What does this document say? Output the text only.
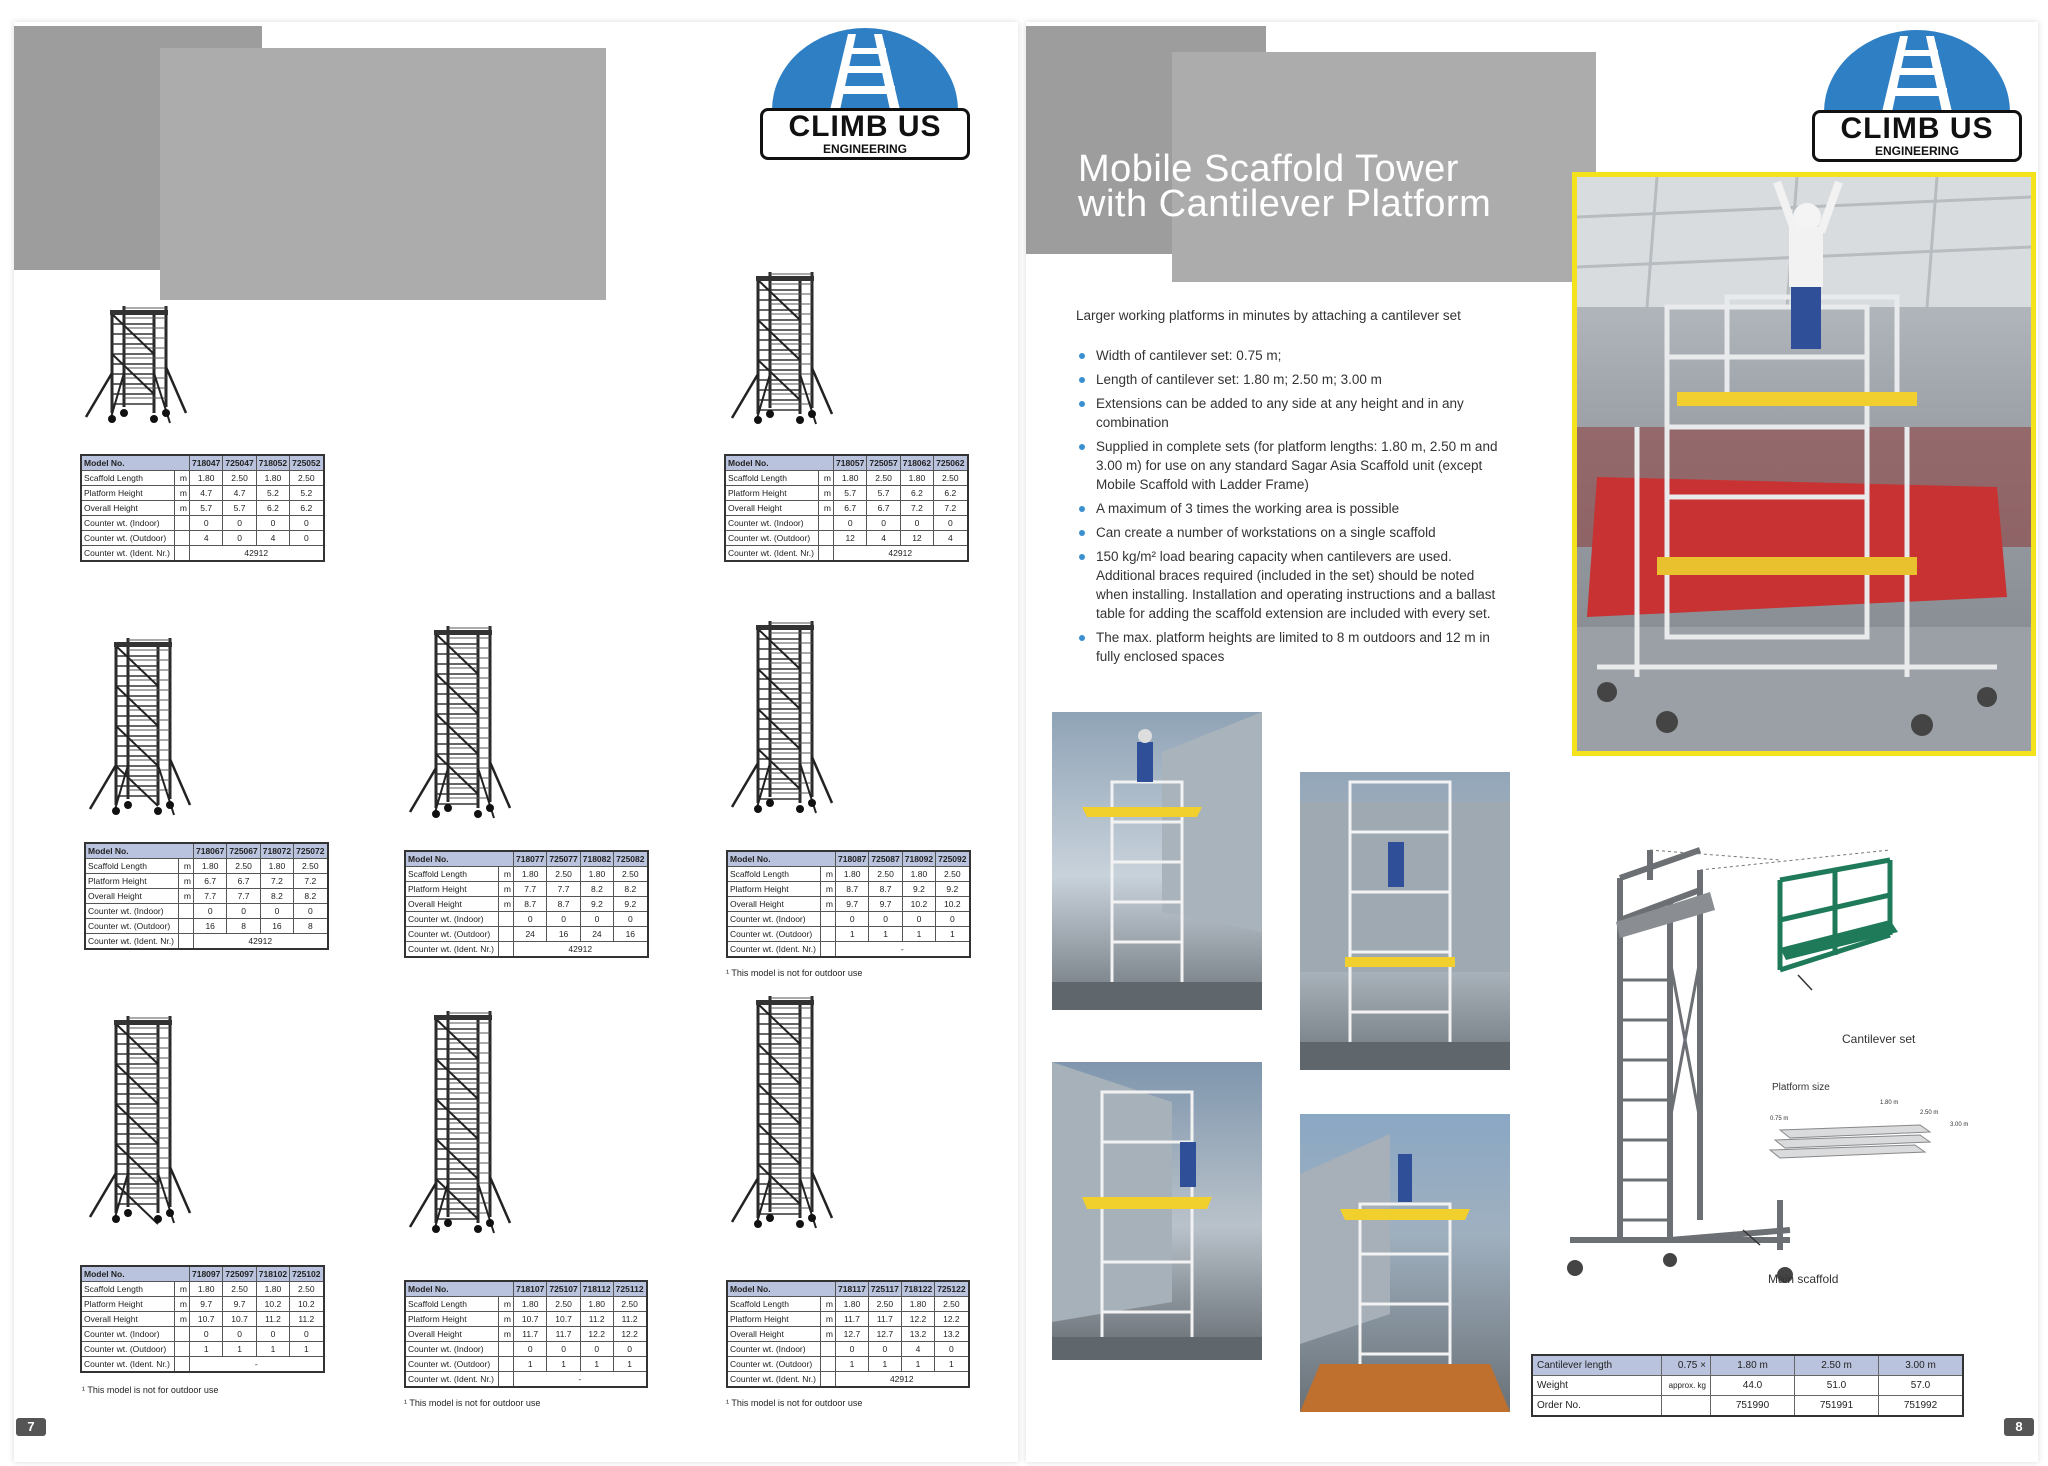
CLIMB US
ENGINEERING
Model No.		718047	725047	718052	725052
Scaffold Length	m	1.80	2.50	1.80	2.50
Platform Height	m	4.7	4.7	5.2	5.2
Overall Height	m	5.7	5.7	6.2	6.2
Counter wt. (Indoor)		0	0	0	0
Counter wt. (Outdoor)		4	0	4	0
Counter wt. (Ident. Nr.)		42912			
Model No.		718057	725057	718062	725062
Scaffold Length	m	1.80	2.50	1.80	2.50
Platform Height	m	5.7	5.7	6.2	6.2
Overall Height	m	6.7	6.7	7.2	7.2
Counter wt. (Indoor)		0	0	0	0
Counter wt. (Outdoor)		12	4	12	4
Counter wt. (Ident. Nr.)		42912			
Model No.		718067	725067	718072	725072
Scaffold Length	m	1.80	2.50	1.80	2.50
Platform Height	m	6.7	6.7	7.2	7.2
Overall Height	m	7.7	7.7	8.2	8.2
Counter wt. (Indoor)		0	0	0	0
Counter wt. (Outdoor)		16	8	16	8
Counter wt. (Ident. Nr.)		42912			
Model No.		718077	725077	718082	725082
Scaffold Length	m	1.80	2.50	1.80	2.50
Platform Height	m	7.7	7.7	8.2	8.2
Overall Height	m	8.7	8.7	9.2	9.2
Counter wt. (Indoor)		0	0	0	0
Counter wt. (Outdoor)		24	16	24	16
Counter wt. (Ident. Nr.)		42912			
Model No.		718087	725087	718092	725092
Scaffold Length	m	1.80	2.50	1.80	2.50
Platform Height	m	8.7	8.7	9.2	9.2
Overall Height	m	9.7	9.7	10.2	10.2
Counter wt. (Indoor)		0	0	0	0
Counter wt. (Outdoor)		1	1	1	1
Counter wt. (Ident. Nr.)		-			
Model No.		718097	725097	718102	725102
Scaffold Length	m	1.80	2.50	1.80	2.50
Platform Height	m	9.7	9.7	10.2	10.2
Overall Height	m	10.7	10.7	11.2	11.2
Counter wt. (Indoor)		0	0	0	0
Counter wt. (Outdoor)		1	1	1	1
Counter wt. (Ident. Nr.)		-			
Model No.		718107	725107	718112	725112
Scaffold Length	m	1.80	2.50	1.80	2.50
Platform Height	m	10.7	10.7	11.2	11.2
Overall Height	m	11.7	11.7	12.2	12.2
Counter wt. (Indoor)		0	0	0	0
Counter wt. (Outdoor)		1	1	1	1
Counter wt. (Ident. Nr.)		-			
Model No.		718117	725117	718122	725122
Scaffold Length	m	1.80	2.50	1.80	2.50
Platform Height	m	11.7	11.7	12.2	12.2
Overall Height	m	12.7	12.7	13.2	13.2
Counter wt. (Indoor)		0	0	4	0
Counter wt. (Outdoor)		1	1	1	1
Counter wt. (Ident. Nr.)		42912			
¹ This model is not for outdoor use
¹ This model is not for outdoor use
¹ This model is not for outdoor use	¹ This model is not for outdoor use
7
Mobile Scaffold Tower
with Cantilever Platform
CLIMB US
ENGINEERING
Larger working platforms in minutes by attaching a cantilever set
Width of cantilever set: 0.75 m;
Length of cantilever set: 1.80 m; 2.50 m; 3.00 m
Extensions can be added to any side at any height and in any combination
Supplied in complete sets (for platform lengths: 1.80 m, 2.50 m and 3.00 m) for use on any standard Sagar Asia Scaffold unit (except Mobile Scaffold with Ladder Frame)
A maximum of 3 times the working area is possible
Can create a number of workstations on a single scaffold
150 kg/m² load bearing capacity when cantilevers are used. Additional braces required (included in the set) should be noted when installing. Installation and operating instructions and a ballast table for adding the scaffold extension are included with every set.
The max. platform heights are limited to 8 m outdoors and 12 m in fully enclosed spaces
Cantilever set
Platform size
Main scaffold
0.75 m
1.80 m
2.50 m
3.00 m
Cantilever length	0.75 ×	1.80 m	2.50 m	3.00 m
Weight	approx. kg	44.0	51.0	57.0
Order No.		751990	751991	751992
8
